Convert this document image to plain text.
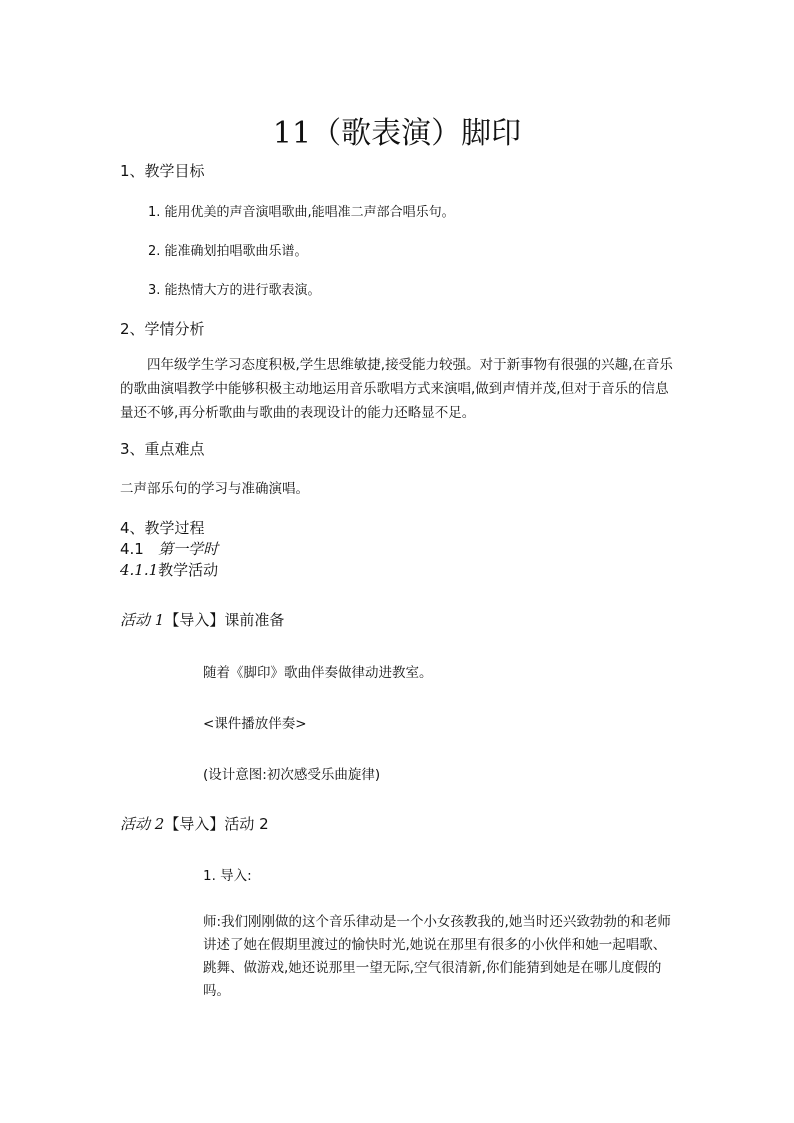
11（歌表演）脚印
1、教学目标
1. 能用优美的声音演唱歌曲,能唱准二声部合唱乐句。
2. 能准确划拍唱歌曲乐谱。
3. 能热情大方的进行歌表演。
2、学情分析
四年级学生学习态度积极,学生思维敏捷,接受能力较强。对于新事物有很强的兴趣,在音乐的歌曲演唱教学中能够积极主动地运用音乐歌唱方式来演唱,做到声情并茂,但对于音乐的信息量还不够,再分析歌曲与歌曲的表现设计的能力还略显不足。
3、重点难点
二声部乐句的学习与准确演唱。
4、教学过程
4.1 第一学时
4.1.1教学活动
活动 1【导入】课前准备
随着《脚印》歌曲伴奏做律动进教室。
<课件播放伴奏>
(设计意图:初次感受乐曲旋律)
活动 2【导入】活动 2
1. 导入:
师:我们刚刚做的这个音乐律动是一个小女孩教我的,她当时还兴致勃勃的和老师讲述了她在假期里渡过的愉快时光,她说在那里有很多的小伙伴和她一起唱歌、跳舞、做游戏,她还说那里一望无际,空气很清新,你们能猜到她是在哪儿度假的吗。
